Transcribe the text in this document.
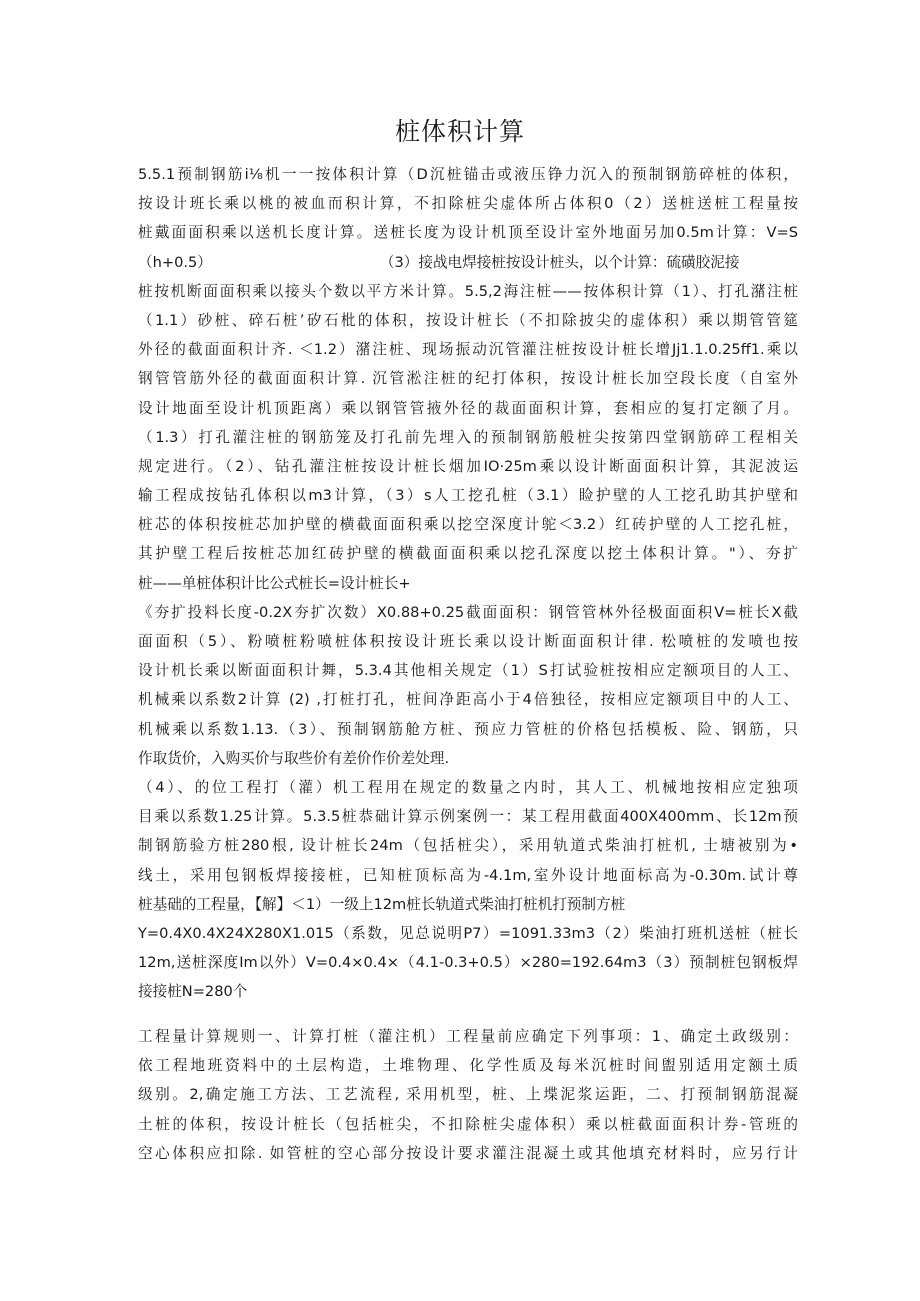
桩体积计算
5.5.1预制钢筋i⅛机一一按体积计算（D沉桩锚击或液压铮力沉入的预制钢筋碎桩的体积，
按设计班长乘以桃的被血而积计算，不扣除桩尖虚体所占体积0（2）送桩送桩工程量按
桩戴面面积乘以送机长度计算。送桩长度为设计机顶至设计室外地面另加0.5m计算：V=S
（h+0.5）	（3）接战电焊接桩按设计桩头，以个计算：硫磺胶泥接
桩按机断面面积乘以接头个数以平方米计算。5.5,2海注桩——按体积计算（1）、打孔潴注桩
（1.1）砂桩、碎石桩’矽石枇的体积，按设计桩长（不扣除披尖的虚体积）乘以期管管筵
外径的截面面积计齐. ＜1.2）潴注桩、现场振动沉管灌注桩按设计桩长增Jj1.1.0.25ff1.乘以
钢管管筋外径的截面面积计算. 沉管淞注桩的纪打体积，按设计桩长加空段长度（自室外
设计地面至设计机顶距离）乘以钢管管掖外径的裁面面积计算，套相应的复打定额了月。
（1.3）打孔灌注桩的钢筋笼及打孔前先埋入的预制钢筋般桩尖按第四堂钢筋碎工程相关
规定进行。（2）、钻孔灌注桩按设计桩长烟加IO·25m乘以设计断面面积计算，其泥波运
输工程成按钻孔体积以m3计算，（3）s人工挖孔桩（3.1）睑护壁的人工挖孔助其护壁和
桩芯的体积按桩芯加护壁的横截面面积乘以挖空深度计鸵＜3.2）红砖护壁的人工挖孔桩，
其护壁工程后按桩芯加红砖护壁的横截面面积乘以挖孔深度以挖土体积计算。"）、夯扩
桩——单桩体积计比公式桩长=设计桩长+
《夯扩投料长度-0.2X夯扩次数）X0.88+0.25截面面积：钢管管林外径极面面积V=桩长X截
面面积（5）、粉喷桩粉喷桩体积按设计班长乘以设计断面面积计律. 松喷桩的发喷也按
设计机长乘以断面面积计舞，5.3.4其他相关规定（1）S打试验桩按相应定额项目的人工、
机械乘以系数2计算 (2) ,打桩打孔，桩间净距高小于4倍独径，按相应定额项目中的人工、
机械乘以系数1.13.（3）、预制钢筋舱方桩、预应力管桩的价格包括模板、险、钢筋，只
作取货价，入购买价与取些价有差价作价差处理.
（4）、的位工程打（灌）机工程用在规定的数量之内时，其人工、机械地按相应定独项
目乘以系数1.25计算。5.3.5桩恭础计算示例案例一：某工程用截面400X400mm、长12m预
制钢筋验方桩280根, 设计桩长24m（包括桩尖），采用轨道式柴油打桩机, 士塘被别为•
线土，采用包钢板焊接接桩，已知桩顶标高为-4.1m,室外设计地面标高为-0.30m.试计尊
桩基础的工程量，【解】＜1）一级上12m桩长轨道式柴油打桩机打预制方桩
Y=0.4X0.4X24X280X1.015（系数，见总说明P7）=1091.33m3（2）柴油打班机送桩（桩长
12m,送桩深度Im以外）V=0.4×0.4×（4.1-0.3+0.5）×280=192.64m3（3）预制桩包钢板焊
接接桩N=280个
工程量计算规则一、计算打桩（灌注机）工程量前应确定下列事项：1、确定土政级别：
依工程地班资料中的土层构造，土堆物理、化学性质及每米沉桩时间盥别适用定额土质
级别。2,确定施工方法、工艺流程, 采用机型，桩、上堞泥浆运距，二、打预制钢筋混凝
土桩的体积，按设计桩长（包括桩尖，不扣除桩尖虚体积）乘以桩截面面积计券-管班的
空心体积应扣除. 如管桩的空心部分按设计要求灌注混凝土或其他填充材料时，应另行计
